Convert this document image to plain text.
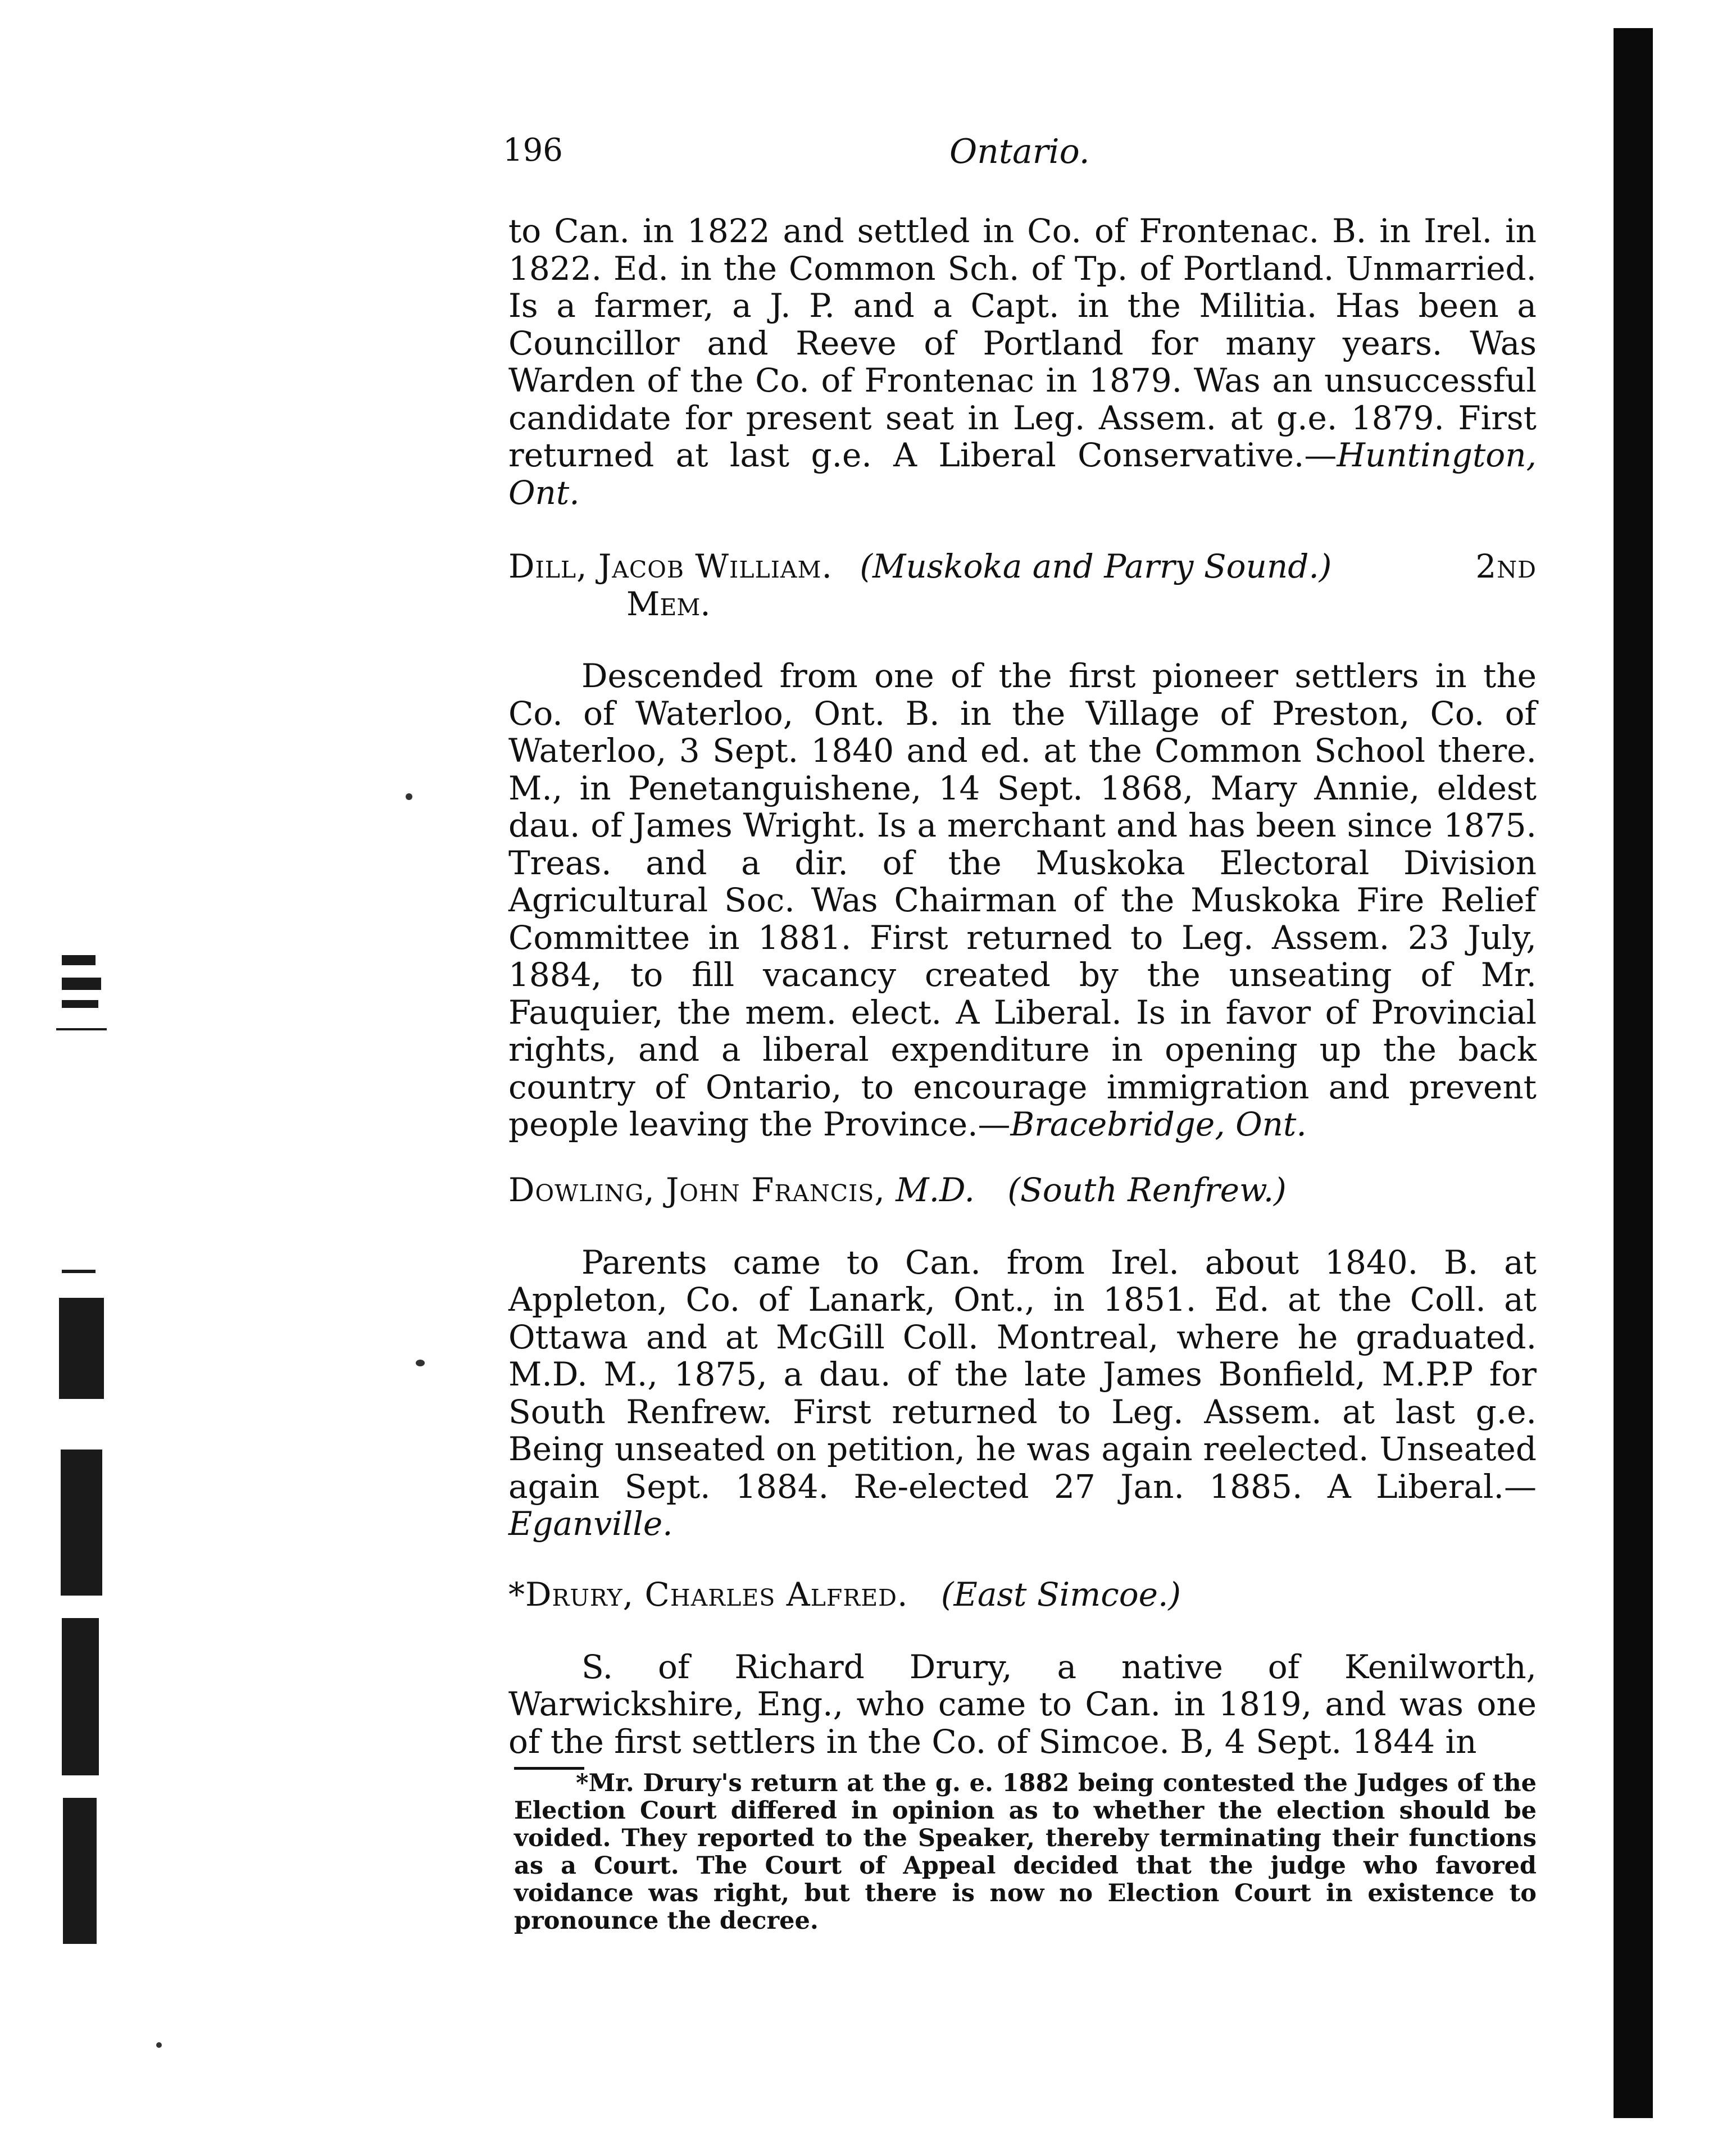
196	Ontario.

to Can. in 1822 and settled in Co. of Frontenac. B. in Irel. in 1822. Ed. in the Common Sch. of Tp. of Portland. Unmarried. Is a farmer, a J. P. and a Capt. in the Militia. Has been a Councillor and Reeve of Portland for many years. Was Warden of the Co. of Frontenac in 1879. Was an unsuccessful candidate for present seat in Leg. Assem. at g.e. 1879. First returned at last g.e. A Liberal Conservative.—Huntington, Ont.

Dill, Jacob William. (Muskoka and Parry Sound.)	2nd
Mem.

Descended from one of the first pioneer settlers in the Co. of Waterloo, Ont. B. in the Village of Preston, Co. of Waterloo, 3 Sept. 1840 and ed. at the Common School there. M., in Penetanguishene, 14 Sept. 1868, Mary Annie, eldest dau. of James Wright. Is a merchant and has been since 1875. Treas. and a dir. of the Muskoka Electoral Division Agricultural Soc. Was Chairman of the Muskoka Fire Relief Committee in 1881. First returned to Leg. Assem. 23 July, 1884, to fill vacancy created by the unseating of Mr. Fauquier, the mem. elect. A Liberal. Is in favor of Provincial rights, and a liberal expenditure in opening up the back country of Ontario, to encourage immigration and prevent people leaving the Province.—Bracebridge, Ont.

Dowling, John Francis, M.D. (South Renfrew.)

Parents came to Can. from Irel. about 1840. B. at Appleton, Co. of Lanark, Ont., in 1851. Ed. at the Coll. at Ottawa and at McGill Coll. Montreal, where he graduated. M.D. M., 1875, a dau. of the late James Bonfield, M.P.P for South Renfrew. First returned to Leg. Assem. at last g.e. Being unseated on petition, he was again reelected. Unseated again Sept. 1884. Re-elected 27 Jan. 1885. A Liberal.—Eganville.

*Drury, Charles Alfred. (East Simcoe.)

S. of Richard Drury, a native of Kenilworth, Warwickshire, Eng., who came to Can. in 1819, and was one of the first settlers in the Co. of Simcoe. B, 4 Sept. 1844 in

*Mr. Drury's return at the g. e. 1882 being contested the Judges of the Election Court differed in opinion as to whether the election should be voided. They reported to the Speaker, thereby terminating their functions as a Court. The Court of Appeal decided that the judge who favored voidance was right, but there is now no Election Court in existence to pronounce the decree.
